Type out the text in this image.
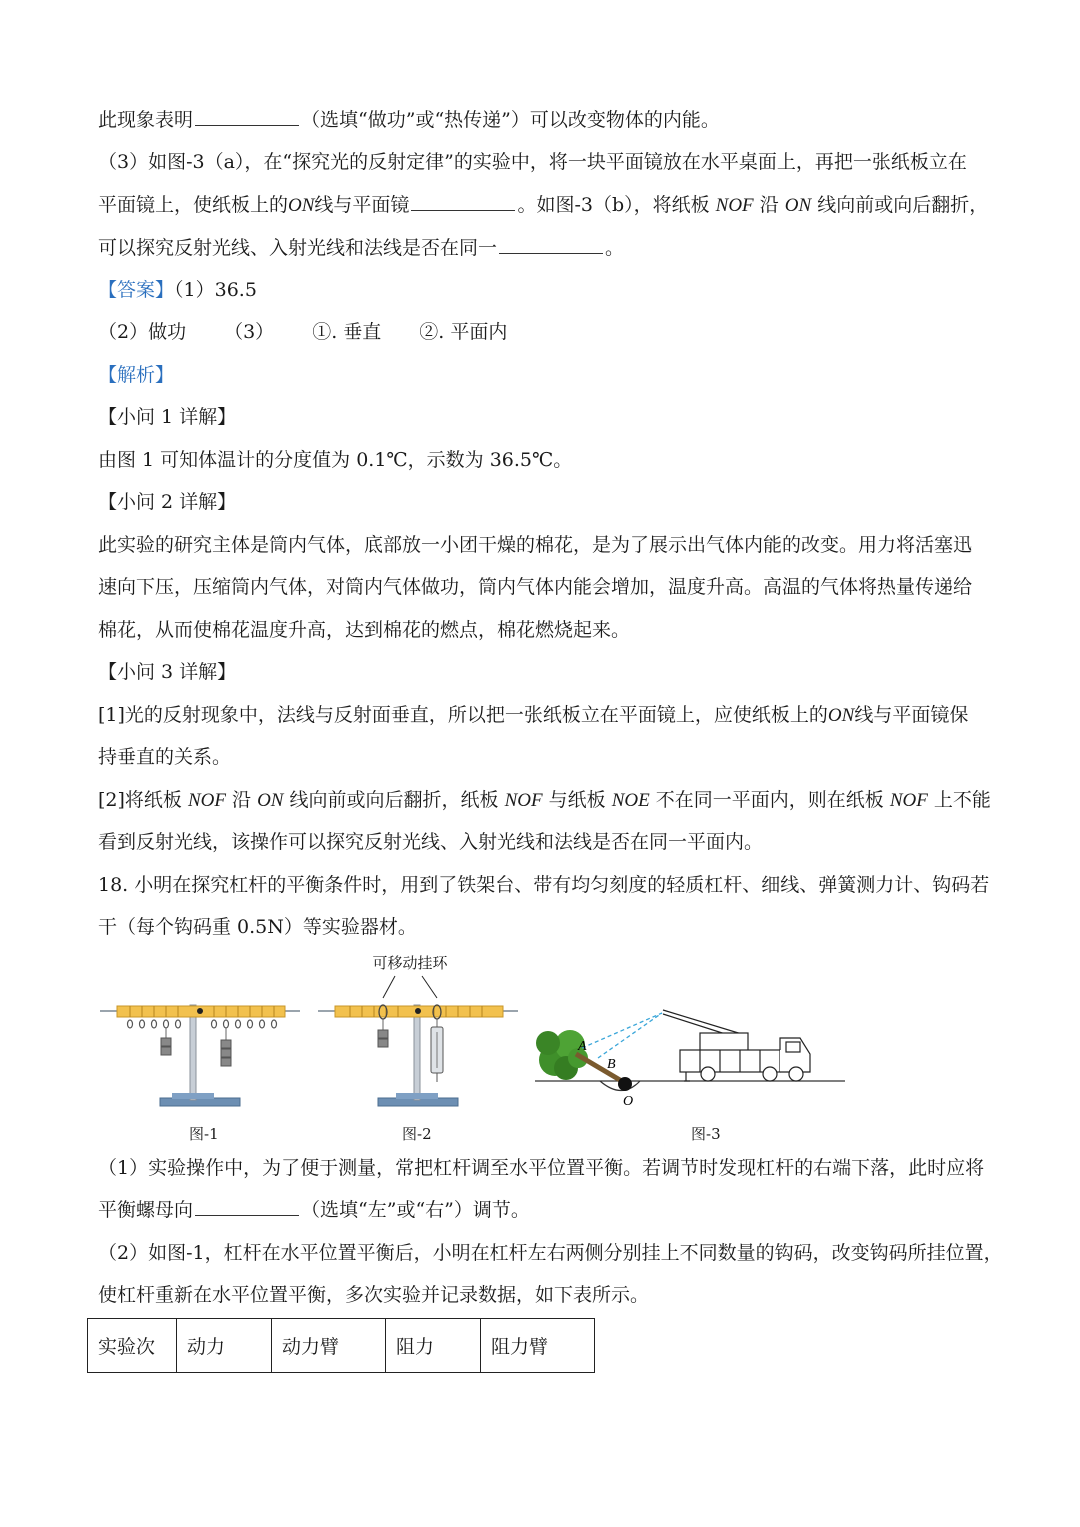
此现象表明	（选填“做功”或“热传递”）可以改变物体的内能。
（3）如图-3（a），在“探究光的反射定律”的实验中，将一块平面镜放在水平桌面上，再把一张纸板立在
平面镜上，使纸板上的ON线与平面镜	。如图-3（b），将纸板 NOF 沿 ON 线向前或向后翻折，
可以探究反射光线、入射光线和法线是否在同一	。
【答案】（1）36.5
（2）做功 （3） ①. 垂直 ②. 平面内
【解析】
【小问 1 详解】
由图 1 可知体温计的分度值为 0.1℃，示数为 36.5℃。
【小问 2 详解】
此实验的研究主体是筒内气体，底部放一小团干燥的棉花，是为了展示出气体内能的改变。用力将活塞迅
速向下压，压缩筒内气体，对筒内气体做功，筒内气体内能会增加，温度升高。高温的气体将热量传递给
棉花，从而使棉花温度升高，达到棉花的燃点，棉花燃烧起来。
【小问 3 详解】
[1]光的反射现象中，法线与反射面垂直，所以把一张纸板立在平面镜上，应使纸板上的ON线与平面镜保
持垂直的关系。
[2]将纸板 NOF 沿 ON 线向前或向后翻折，纸板 NOF 与纸板 NOE 不在同一平面内，则在纸板 NOF 上不能
看到反射光线，该操作可以探究反射光线、入射光线和法线是否在同一平面内。
18. 小明在探究杠杆的平衡条件时，用到了铁架台、带有均匀刻度的轻质杠杆、细线、弹簧测力计、钩码若
干（每个钩码重 0.5N）等实验器材。
可移动挂环
A
B
O
图-1	图-2	图-3
（1）实验操作中，为了便于测量，常把杠杆调至水平位置平衡。若调节时发现杠杆的右端下落，此时应将
平衡螺母向	（选填“左”或“右”）调节。
（2）如图-1，杠杆在水平位置平衡后，小明在杠杆左右两侧分别挂上不同数量的钩码，改变钩码所挂位置，
使杠杆重新在水平位置平衡，多次实验并记录数据，如下表所示。
实验次	动力	动力臂	阻力	阻力臂
